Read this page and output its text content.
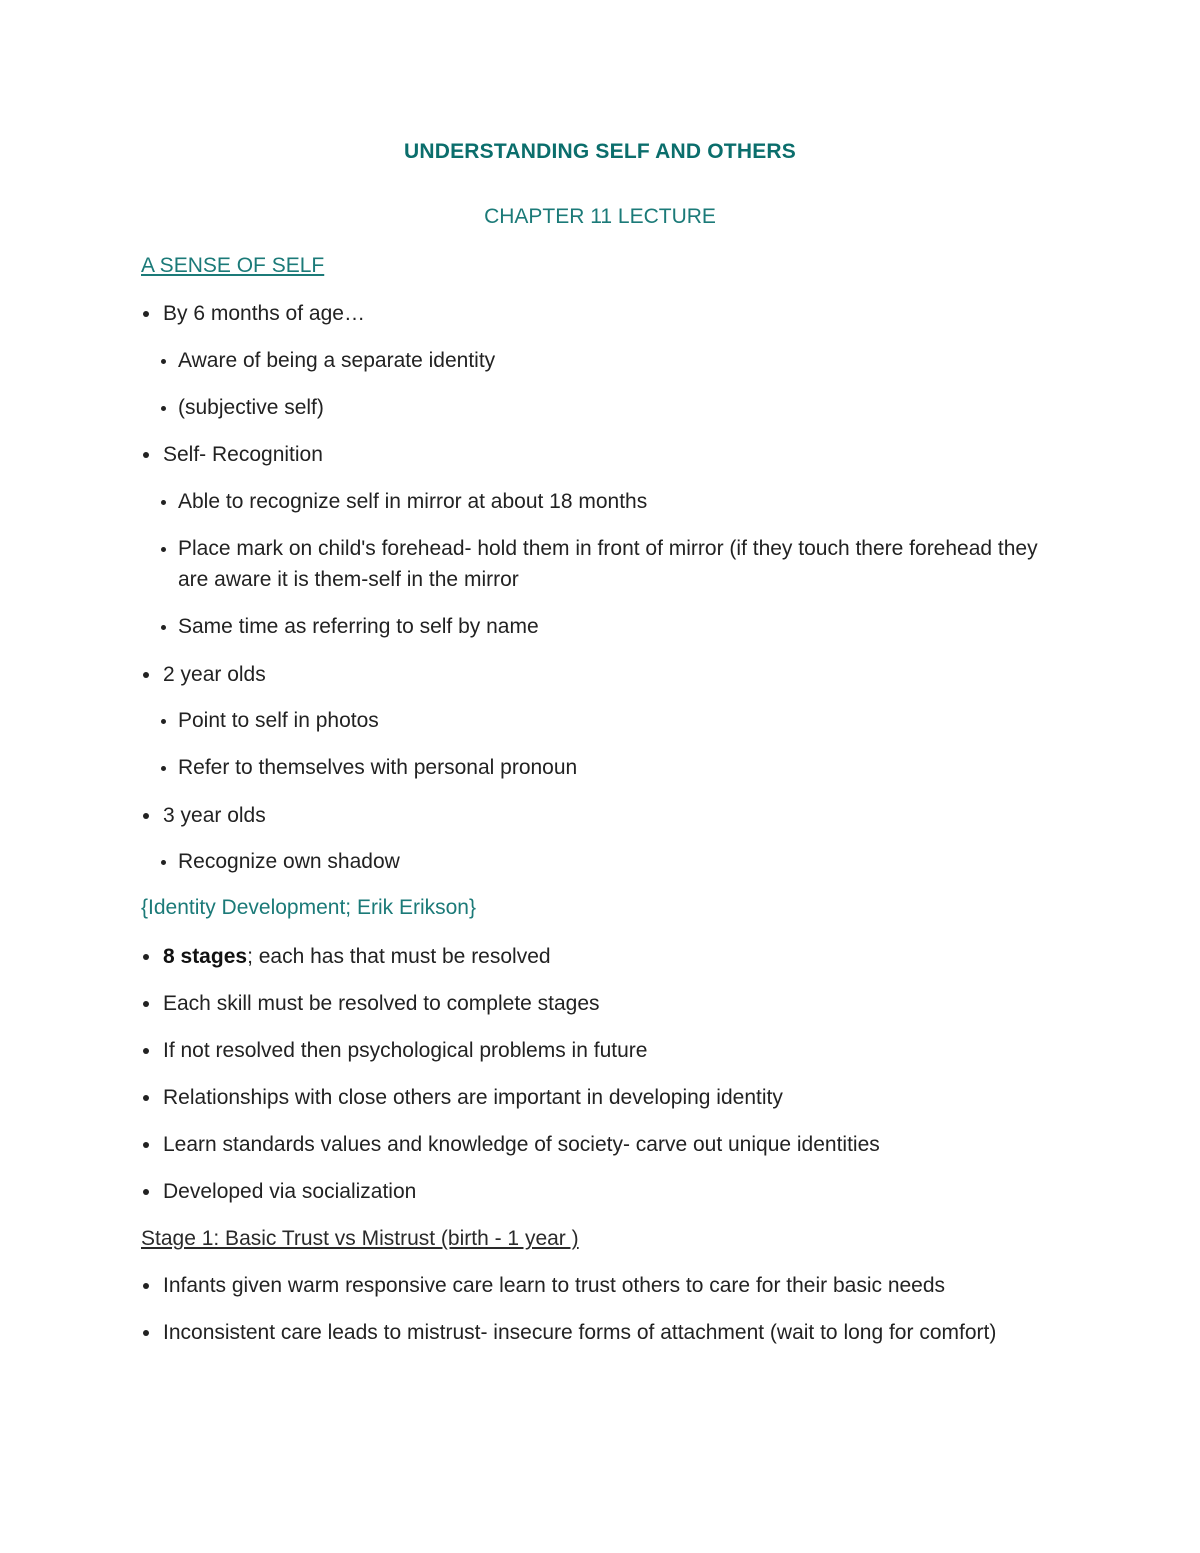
UNDERSTANDING SELF AND OTHERS
CHAPTER 11 LECTURE
A SENSE OF SELF
By 6 months of age…
Aware of being a separate identity
(subjective self)
Self- Recognition
Able to recognize self in mirror at about 18 months
Place mark on child's forehead- hold them in front of mirror (if they touch there forehead they are aware it is them-self in the mirror
Same time as referring to self by name
2 year olds
Point to self in photos
Refer to themselves with personal pronoun
3 year olds
Recognize own shadow
{Identity Development; Erik Erikson}
8 stages; each has that must be resolved
Each skill must be resolved to complete stages
If not resolved then psychological problems in future
Relationships with close others are important in developing identity
Learn standards values and knowledge of society- carve out unique identities
Developed via socialization
Stage 1: Basic Trust vs Mistrust (birth - 1 year )
Infants given warm responsive care learn to trust others to care for their basic needs
Inconsistent care leads to mistrust- insecure forms of attachment (wait to long for comfort)
